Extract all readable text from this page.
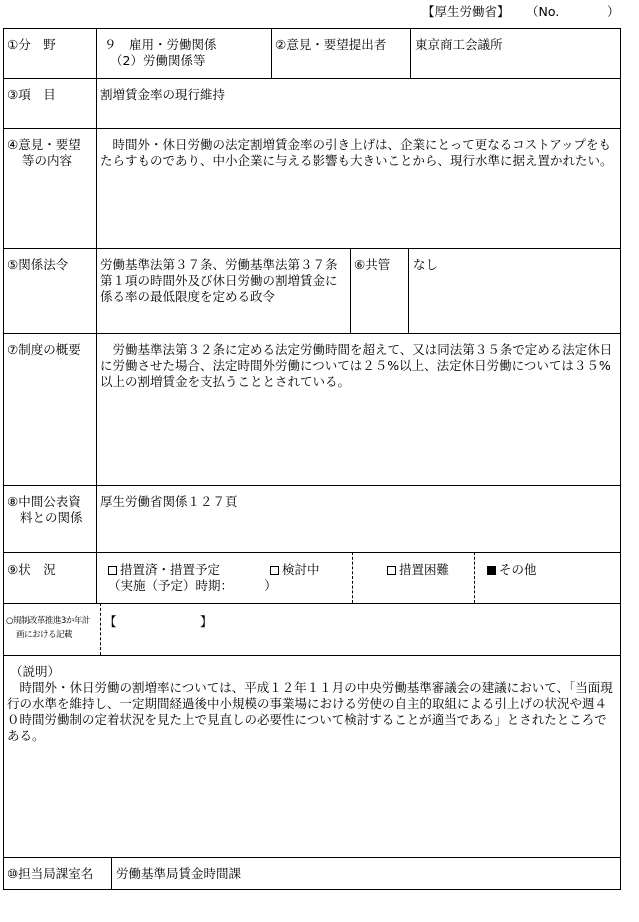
【厚生労働省】 （No.	）
①分　野	９　雇用・労働関係
（2）労働関係等
②意見・要望提出者 東京商工会議所
③項　目	割増賃金率の現行維持
④意見・要望
等の内容
　時間外・休日労働の法定割増賃金率の引き上げは、企業にとって更なるコストアップをもたらすものであり、中小企業に与える影響も大きいことから、現行水準に据え置かれたい。
⑤関係法令	労働基準法第３７条、労働基準法第３７条第１項の時間外及び休日労働の割増賃金に係る率の最低限度を定める政令
⑥共管 なし
⑦制度の概要 　労働基準法第３２条に定める法定労働時間を超えて、又は同法第３５条で定める法定休日に労働させた場合、法定時間外労働については２５%以上、法定休日労働については３５%以上の割増賃金を支払うこととされている。
⑧中間公表資
料との関係
厚生労働省関係１２７頁
⑨状　況	措置済・措置予定
（実施（予定）時期：　　　）
検討中	措置困難	その他
○規制改革推進3か年計
画における記載
【	】
（説明）
　時間外・休日労働の割増率については、平成１２年１１月の中央労働基準審議会の建議において、「当面現行の水準を維持し、一定期間経過後中小規模の事業場における労使の自主的取組による引上げの状況や週４０時間労働制の定着状況を見た上で見直しの必要性について検討することが適当である」とされたところである。
⑩担当局課室名 労働基準局賃金時間課
